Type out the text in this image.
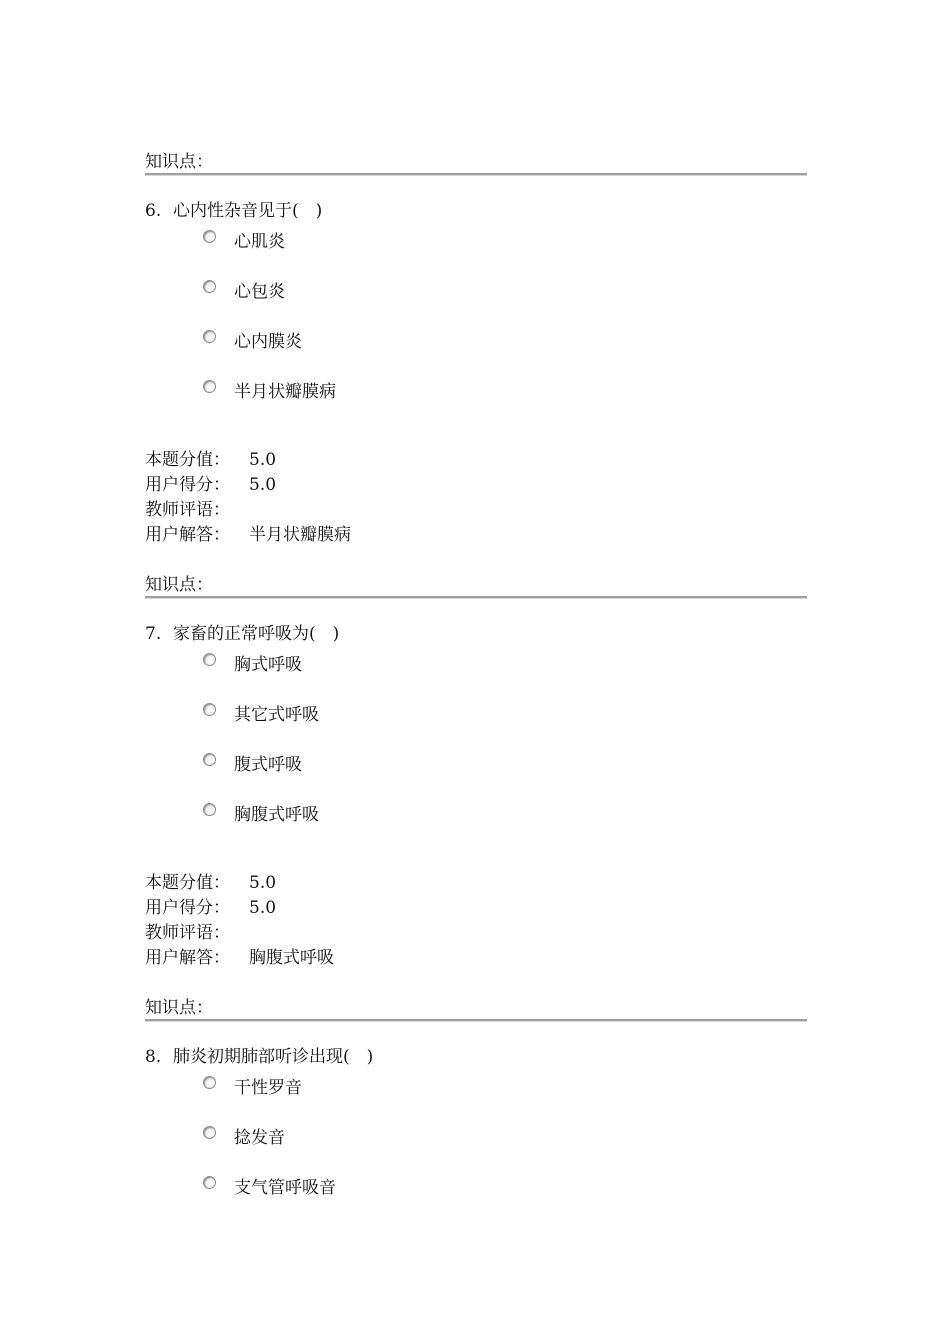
知识点：
6. 心内性杂音见于(　)
心肌炎
心包炎
心内膜炎
半月状瓣膜病
本题分值：	5.0
用户得分：	5.0
教师评语：
用户解答：	半月状瓣膜病
知识点：
7. 家畜的正常呼吸为(　)
胸式呼吸
其它式呼吸
腹式呼吸
胸腹式呼吸
本题分值：	5.0
用户得分：	5.0
教师评语：
用户解答：	胸腹式呼吸
知识点：
8. 肺炎初期肺部听诊出现(　)
干性罗音
捻发音
支气管呼吸音
